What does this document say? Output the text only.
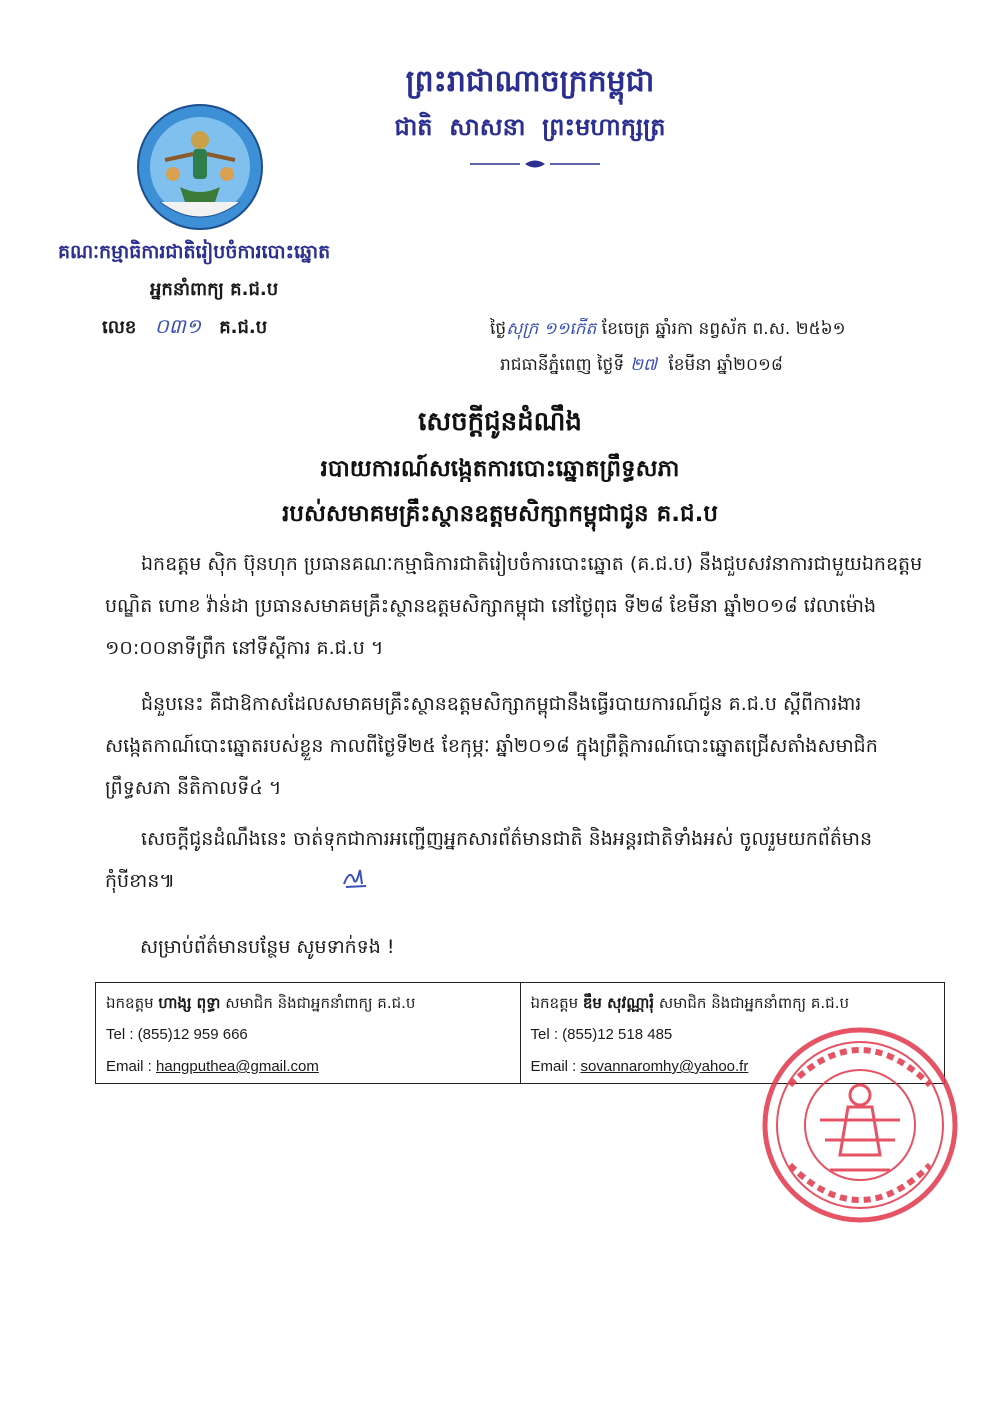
ព្រះរាជាណាចក្រកម្ពុជា
ជាតិ  សាសនា  ព្រះមហាក្សត្រ
គណៈកម្មាធិការជាតិរៀបចំការបោះឆ្នោត
អ្នកនាំពាក្យ គ.ជ.ប
លេខ ០៣១ គ.ជ.ប	ថ្ងៃសុក្រ ១១កើត ខែចេត្រ ឆ្នាំរកា នព្វស័ក ព.ស. ២៥៦១
រាជធានីភ្នំពេញ ថ្ងៃទី ២៧ ខែមីនា ឆ្នាំ២០១៨
សេចក្តីជូនដំណឹង
របាយការណ៍សង្កេតការបោះឆ្នោតព្រឹទ្ធសភា
របស់សមាគមគ្រឹះស្ថានឧត្តមសិក្សាកម្ពុជាជូន គ.ជ.ប
ឯកឧត្តម សុិក ប៊ុនហុក ប្រធានគណៈកម្មាធិការជាតិរៀបចំការបោះឆ្នោត (គ.ជ.ប) នឹងជួបសវនាការជាមួយឯកឧត្តមបណ្ឌិត ហោខ វ៉ាន់ដា ប្រធានសមាគមគ្រឹះស្ថានឧត្តមសិក្សាកម្ពុជា នៅថ្ងៃពុធ ទី២៨ ខែមីនា ឆ្នាំ២០១៨ វេលាម៉ោង ១០:០០នាទីព្រឹក នៅទីស្តីការ គ.ជ.ប ។
ជំនួបនេះ គឺជាឱកាសដែលសមាគមគ្រឹះស្ថានឧត្តមសិក្សាកម្ពុជានឹងធ្វើរបាយការណ៍ជូន គ.ជ.ប ស្តីពីការងារសង្កេតកាណ៍បោះឆ្នោតរបស់ខ្លួន កាលពីថ្ងៃទី២៥ ខែកុម្ភៈ ឆ្នាំ២០១៨ ក្នុងព្រឹត្តិការណ៍បោះឆ្នោតជ្រើសតាំងសមាជិកព្រឹទ្ធសភា នីតិកាលទី៤ ។
សេចក្តីជូនដំណឹងនេះ ចាត់ទុកជាការអញ្ជើញអ្នកសារព័ត៌មានជាតិ និងអន្តរជាតិទាំងអស់ ចូលរួមយកព័ត៌មានកុំបីខាន៕
សម្រាប់ព័ត៌មានបន្ថែម សូមទាក់ទង !
ឯកឧត្តម ហាង្ស ពុទ្ធា សមាជិក និងជាអ្នកនាំពាក្យ គ.ជ.ប
Tel : (855)12 959 666
Email : hangputhea@gmail.com
ឯកឧត្តម ឌឹម សុវណ្ណារុំ សមាជិក និងជាអ្នកនាំពាក្យ គ.ជ.ប
Tel : (855)12 518 485
Email : sovannaromhy@yahoo.fr
